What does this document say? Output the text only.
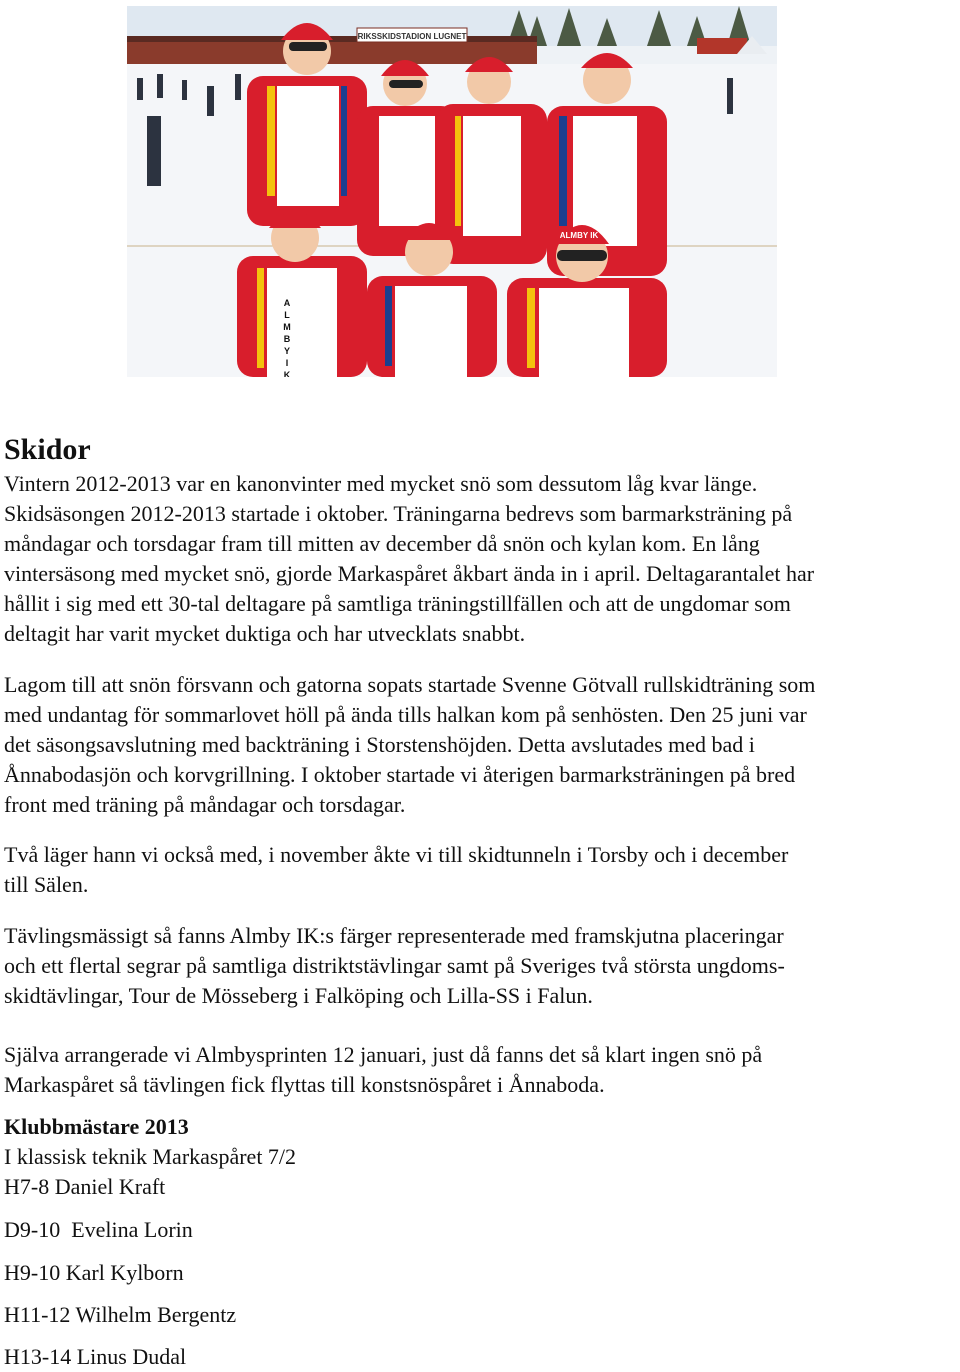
RIKSSKIDSTADION LUGNET
ALMBY IK
A
L
M
B
Y
I
K
Skidor
Vintern 2012-2013 var en kanonvinter med mycket snö som dessutom låg kvar länge.
Skidsäsongen 2012-2013 startade i oktober. Träningarna bedrevs som barmarksträning på
måndagar och torsdagar fram till mitten av december då snön och kylan kom. En lång
vintersäsong med mycket snö, gjorde Markaspåret åkbart ända in i april. Deltagarantalet har
hållit i sig med ett 30-tal deltagare på samtliga träningstillfällen och att de ungdomar som
deltagit har varit mycket duktiga och har utvecklats snabbt.
Lagom till att snön försvann och gatorna sopats startade Svenne Götvall rullskidträning som
med undantag för sommarlovet höll på ända tills halkan kom på senhösten. Den 25 juni var
det säsongsavslutning med backträning i Storstenshöjden. Detta avslutades med bad i
Ånnabodasjön och korvgrillning. I oktober startade vi återigen barmarksträningen på bred
front med träning på måndagar och torsdagar.
Två läger hann vi också med, i november åkte vi till skidtunneln i Torsby och i december
till Sälen.
Tävlingsmässigt så fanns Almby IK:s färger representerade med framskjutna placeringar
och ett flertal segrar på samtliga distriktstävlingar samt på Sveriges två största ungdoms-
skidtävlingar, Tour de Mösseberg i Falköping och Lilla-SS i Falun.
Själva arrangerade vi Almbysprinten 12 januari, just då fanns det så klart ingen snö på
Markaspåret så tävlingen fick flyttas till konstsnöspåret i Ånnaboda.
Klubbmästare 2013
I klassisk teknik Markaspåret 7/2
H7-8 Daniel Kraft
D9-10  Evelina Lorin
H9-10 Karl Kylborn
H11-12 Wilhelm Bergentz
H13-14 Linus Dudal
